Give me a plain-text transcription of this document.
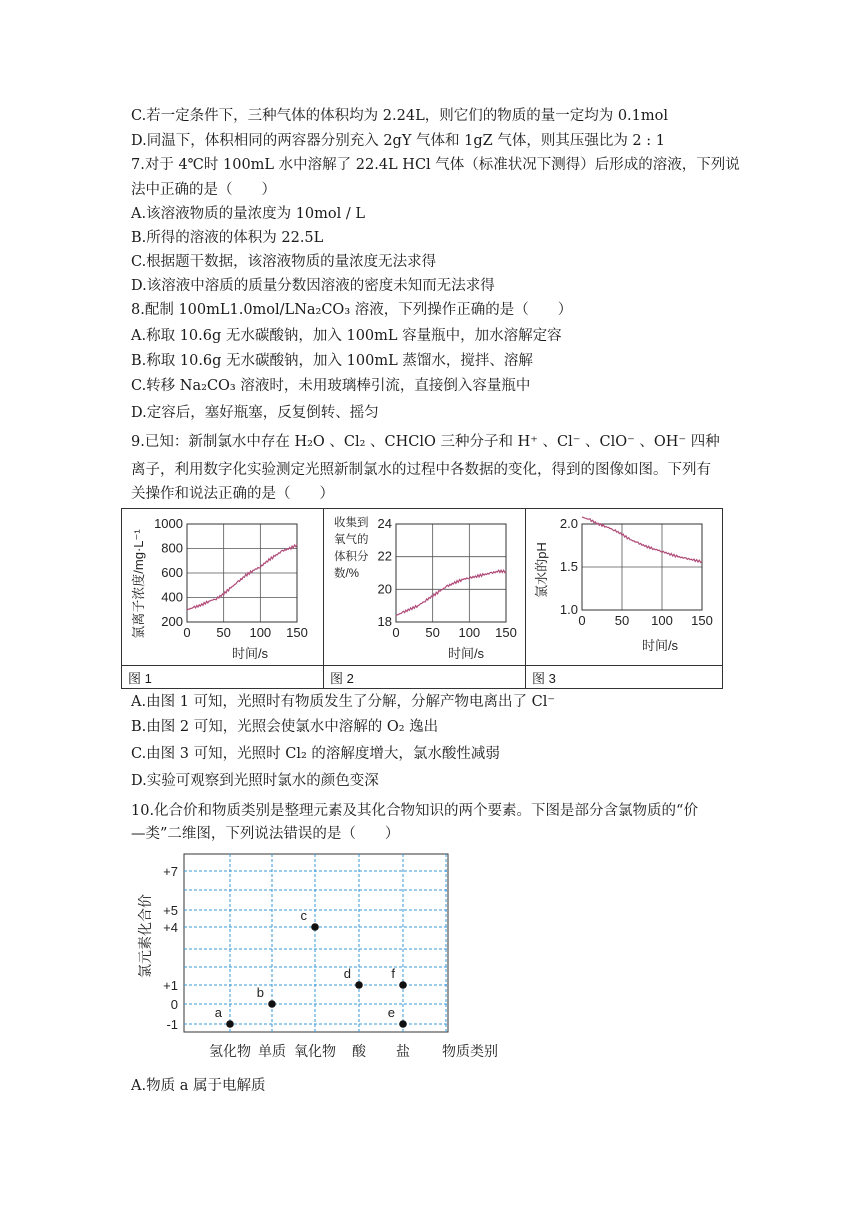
C.若一定条件下，三种气体的体积均为 2.24L，则它们的物质的量一定均为 0.1mol
D.同温下，体积相同的两容器分别充入 2gY 气体和 1gZ 气体，则其压强比为 2 : 1
7.对于 4℃时 100mL 水中溶解了 22.4L HCl 气体（标准状况下测得）后形成的溶液，下列说
法中正确的是（　　）
A.该溶液物质的量浓度为 10mol / L
B.所得的溶液的体积为 22.5L
C.根据题干数据，该溶液物质的量浓度无法求得
D.该溶液中溶质的质量分数因溶液的密度未知而无法求得
8.配制 100mL1.0mol/LNa₂CO₃ 溶液，下列操作正确的是（　　）
A.称取 10.6g 无水碳酸钠，加入 100mL 容量瓶中，加水溶解定容
B.称取 10.6g 无水碳酸钠，加入 100mL 蒸馏水，搅拌、溶解
C.转移 Na₂CO₃ 溶液时，未用玻璃棒引流，直接倒入容量瓶中
D.定容后，塞好瓶塞，反复倒转、摇匀
9.已知：新制氯水中存在 H₂O 、Cl₂ 、CHClO 三种分子和 H⁺ 、Cl⁻ 、ClO⁻ 、OH⁻ 四种
离子，利用数字化实验测定光照新制氯水的过程中各数据的变化，得到的图像如图。下列有
关操作和说法正确的是（　　）
图 1	图 2	图 3
0 50 100 150
200
400
600
800
1000
氯离子浓度/mg·L⁻¹
时间/s
0 50 100 150
18
20
22
24
收集到
氧气的
体积分
数/%
时间/s
0 50 100 150
1.0
1.5
2.0
氯水的pH
时间/s
A.由图 1 可知，光照时有物质发生了分解，分解产物电离出了 Cl⁻
B.由图 2 可知，光照会使氯水中溶解的 O₂ 逸出
C.由图 3 可知，光照时 Cl₂ 的溶解度增大，氯水酸性减弱
D.实验可观察到光照时氯水的颜色变深
10.化合价和物质类别是整理元素及其化合物知识的两个要素。下图是部分含氯物质的“价
—类”二维图，下列说法错误的是（　　）
-1
0
+1
+4
+5
+7
氢化物 单质 氧化物 酸 盐 物质类别
氯元素化合价
a
b
c
d
e
f
A.物质 a 属于电解质
